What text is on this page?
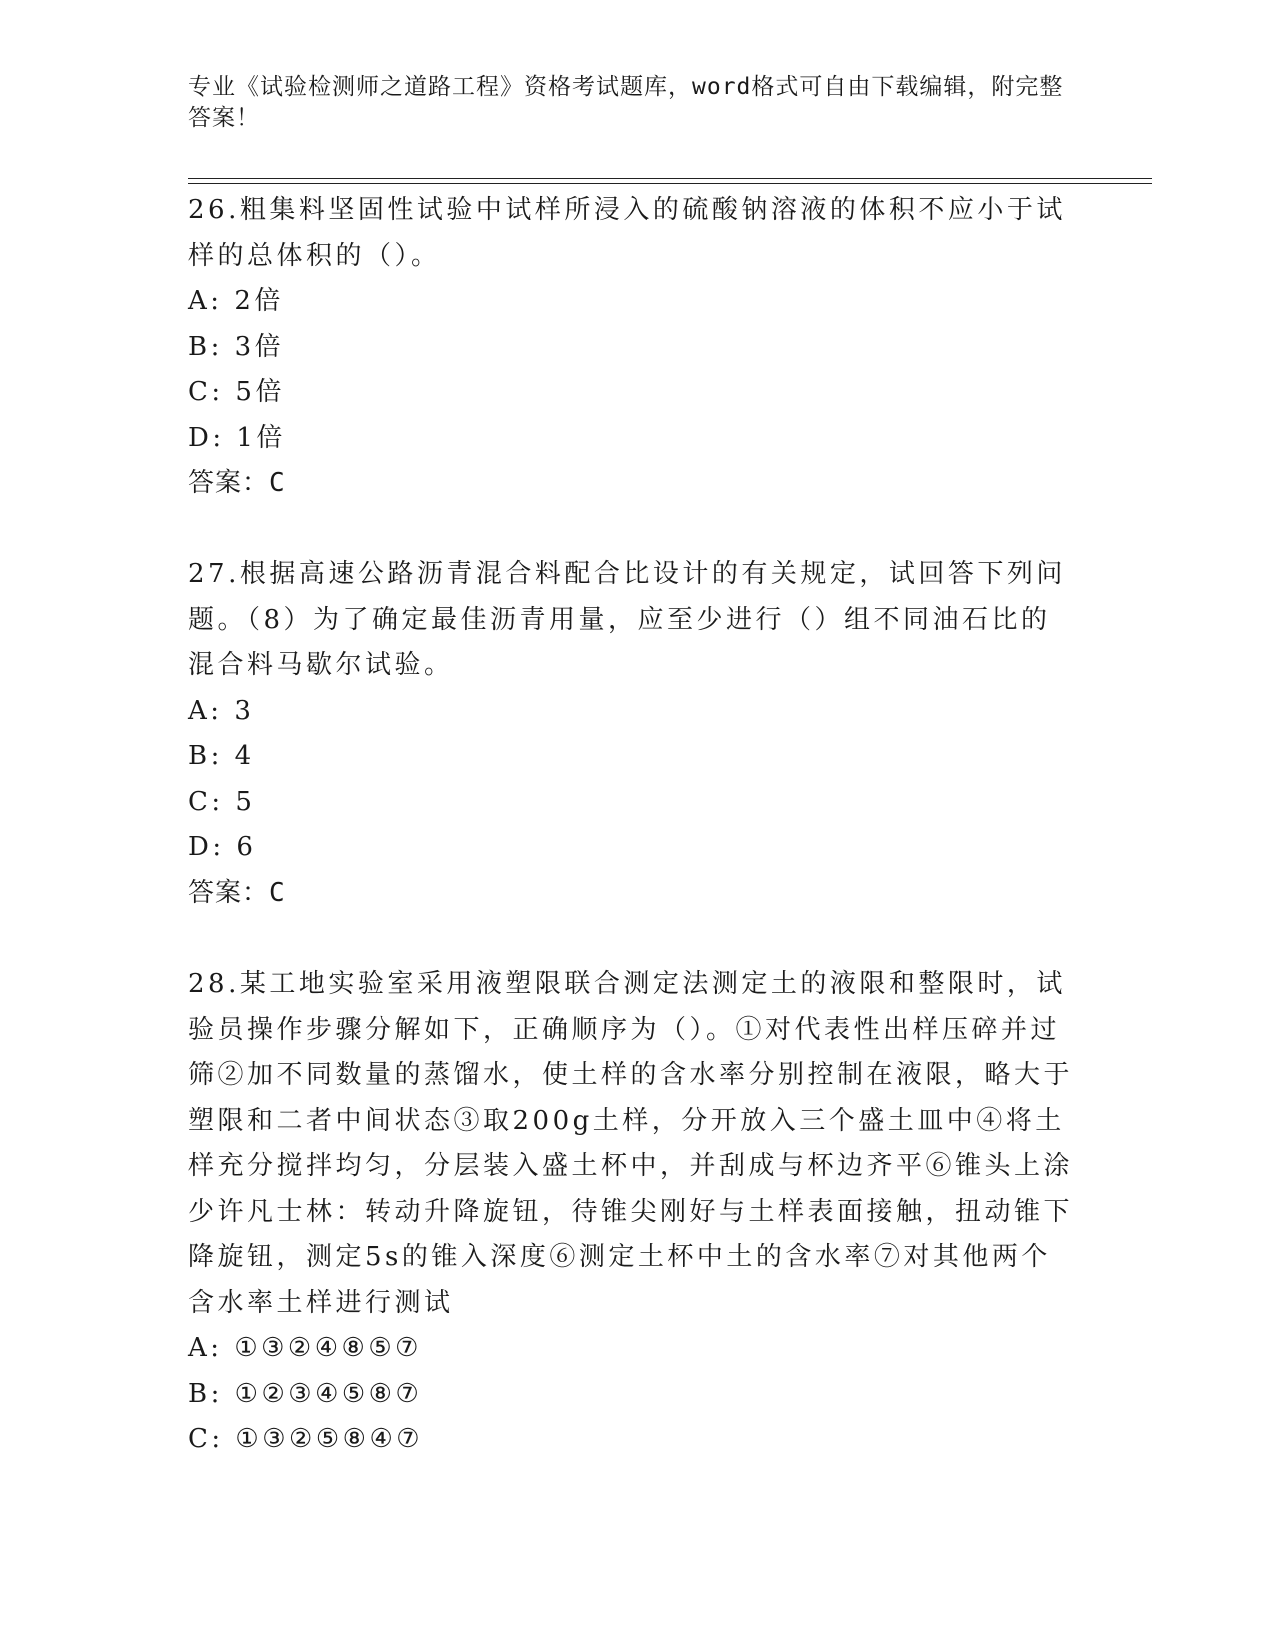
专业《试验检测师之道路工程》资格考试题库，word格式可自由下载编辑，附完整答案！

26.粗集料坚固性试验中试样所浸入的硫酸钠溶液的体积不应小于试样的总体积的（）。

A: 2倍

B: 3倍

C: 5倍

D: 1倍

答案：C

27.根据高速公路沥青混合料配合比设计的有关规定，试回答下列问题。（8）为了确定最佳沥青用量，应至少进行（）组不同油石比的混合料马歇尔试验。

A: 3

B: 4

C: 5

D: 6

答案：C

28.某工地实验室采用液塑限联合测定法测定土的液限和整限时，试验员操作步骤分解如下，正确顺序为（）。①对代表性出样压碎并过筛②加不同数量的蒸馏水，使土样的含水率分别控制在液限，略大于塑限和二者中间状态③取200g土样，分开放入三个盛土皿中④将土样充分搅拌均匀，分层装入盛土杯中，并刮成与杯边齐平⑥锥头上涂少许凡士林：转动升降旋钮，待锥尖刚好与土样表面接触，扭动锥下降旋钮，测定5s的锥入深度⑥测定土杯中土的含水率⑦对其他两个含水率土样进行测试

A: ①③②④⑧⑤⑦

B: ①②③④⑤⑧⑦

C: ①③②⑤⑧④⑦
